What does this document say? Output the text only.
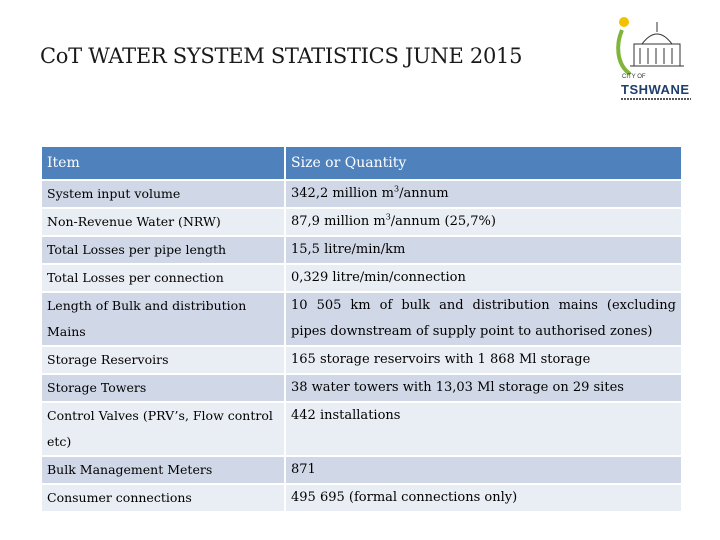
CoT WATER SYSTEM STATISTICS JUNE 2015
CITY OF
TSHWANE
Item	Size or Quantity
System input volume	342,2 million $m^3$/annum
Non-Revenue Water (NRW)	87,9 million $m^3$/annum (25,7%)
Total Losses per pipe length	15,5 litre/min/km
Total Losses per connection	0,329 litre/min/connection
Length of Bulk and distribution Mains	10 505 km of bulk and distribution mains (excluding pipes downstream of supply point to authorised zones)
Storage Reservoirs	165 storage reservoirs with 1 868 Ml storage
Storage Towers	38 water towers with 13,03 Ml storage on 29 sites
Control Valves (PRV’s, Flow control etc)	442 installations
Bulk Management Meters	871
Consumer connections	495 695 (formal connections only)
